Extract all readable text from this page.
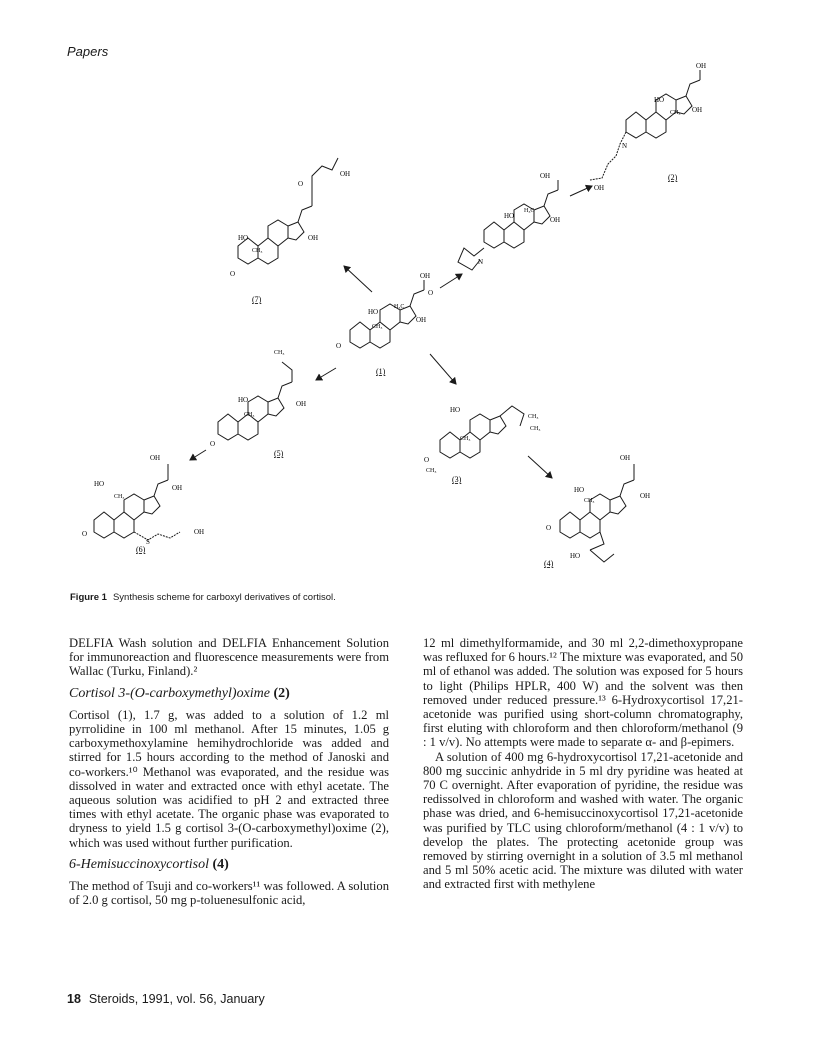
Papers
OH
O
OH
HO
H₃C
CH₃
O
(1)
OH
OH
HO
CH₃
N
OH
(2)
OH
OH
HO
H₃C
N
OH
O
OH
HO
CH₃
O
(7)
CH₃
OH
HO
CH₃
O
(5)
CH₃
CH₃
HO
CH₃
O
CH₃
(3)
OH
OH
HO
CH₃
S
OH
O
(6)
OH
OH
HO
CH₃
HO
O
(4)
Figure 1 Synthesis scheme for carboxyl derivatives of cortisol.

DELFIA Wash solution and DELFIA Enhancement Solution for immunoreaction and fluorescence measurements were from Wallac (Turku, Finland).²

Cortisol 3-(O-carboxymethyl)oxime (2)

Cortisol (1), 1.7 g, was added to a solution of 1.2 ml pyrrolidine in 100 ml methanol. After 15 minutes, 1.05 g carboxymethoxylamine hemihydrochloride was added and stirred for 1.5 hours according to the method of Janoski and co-workers.¹⁰ Methanol was evaporated, and the residue was dissolved in water and extracted once with ethyl acetate. The aqueous solution was acidified to pH 2 and extracted three times with ethyl acetate. The organic phase was evaporated to dryness to yield 1.5 g cortisol 3-(O-carboxymethyl)oxime (2), which was used without further purification.

6-Hemisuccinoxycortisol (4)

The method of Tsuji and co-workers¹¹ was followed. A solution of 2.0 g cortisol, 50 mg p-toluenesulfonic acid,

12 ml dimethylformamide, and 30 ml 2,2-dimethoxypropane was refluxed for 6 hours.¹² The mixture was evaporated, and 50 ml of ethanol was added. The solution was exposed for 5 hours to light (Philips HPLR, 400 W) and the solvent was then removed under reduced pressure.¹³ 6-Hydroxycortisol 17,21-acetonide was purified using short-column chromatography, first eluting with chloroform and then chloroform/methanol (9 : 1 v/v). No attempts were made to separate α- and β-epimers.

A solution of 400 mg 6-hydroxycortisol 17,21-acetonide and 800 mg succinic anhydride in 5 ml dry pyridine was heated at 70 C overnight. After evaporation of pyridine, the residue was redissolved in chloroform and washed with water. The organic phase was dried, and 6-hemisuccinoxycortisol 17,21-acetonide was purified by TLC using chloroform/methanol (4 : 1 v/v) to develop the plates. The protecting acetonide group was removed by stirring overnight in a solution of 3.5 ml methanol and 5 ml 50% acetic acid. The mixture was diluted with water and extracted first with methylene

18 Steroids, 1991, vol. 56, January
